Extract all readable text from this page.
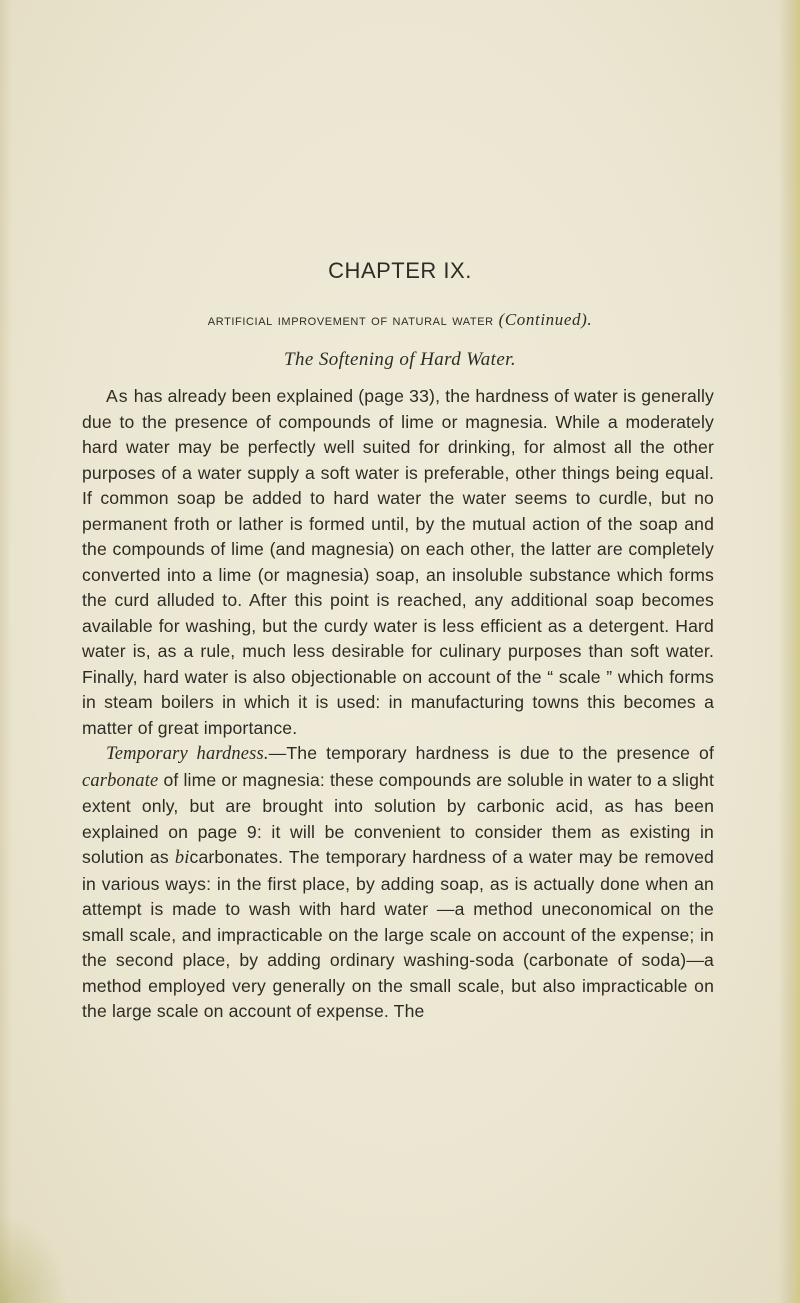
CHAPTER IX.
artificial improvement of natural water (Continued).
The Softening of Hard Water.

As has already been explained (page 33), the hardness of water is generally due to the presence of compounds of lime or magnesia. While a moderately hard water may be perfectly well suited for drinking, for almost all the other purposes of a water supply a soft water is preferable, other things being equal. If common soap be added to hard water the water seems to curdle, but no permanent froth or lather is formed until, by the mutual action of the soap and the compounds of lime (and magnesia) on each other, the latter are completely converted into a lime (or magnesia) soap, an insoluble substance which forms the curd alluded to. After this point is reached, any additional soap becomes available for washing, but the curdy water is less efficient as a detergent. Hard water is, as a rule, much less desirable for culinary purposes than soft water. Finally, hard water is also objectionable on account of the “ scale ” which forms in steam boilers in which it is used: in manufacturing towns this becomes a matter of great importance.

Temporary hardness.—The temporary hardness is due to the presence of carbonate of lime or magnesia: these compounds are soluble in water to a slight extent only, but are brought into solution by carbonic acid, as has been explained on page 9: it will be convenient to consider them as existing in solution as bicarbonates. The temporary hardness of a water may be removed in various ways: in the first place, by adding soap, as is actually done when an attempt is made to wash with hard water —a method uneconomical on the small scale, and impracticable on the large scale on account of the expense; in the second place, by adding ordinary washing-soda (carbonate of soda)—a method employed very generally on the small scale, but also impracticable on the large scale on account of expense. The
